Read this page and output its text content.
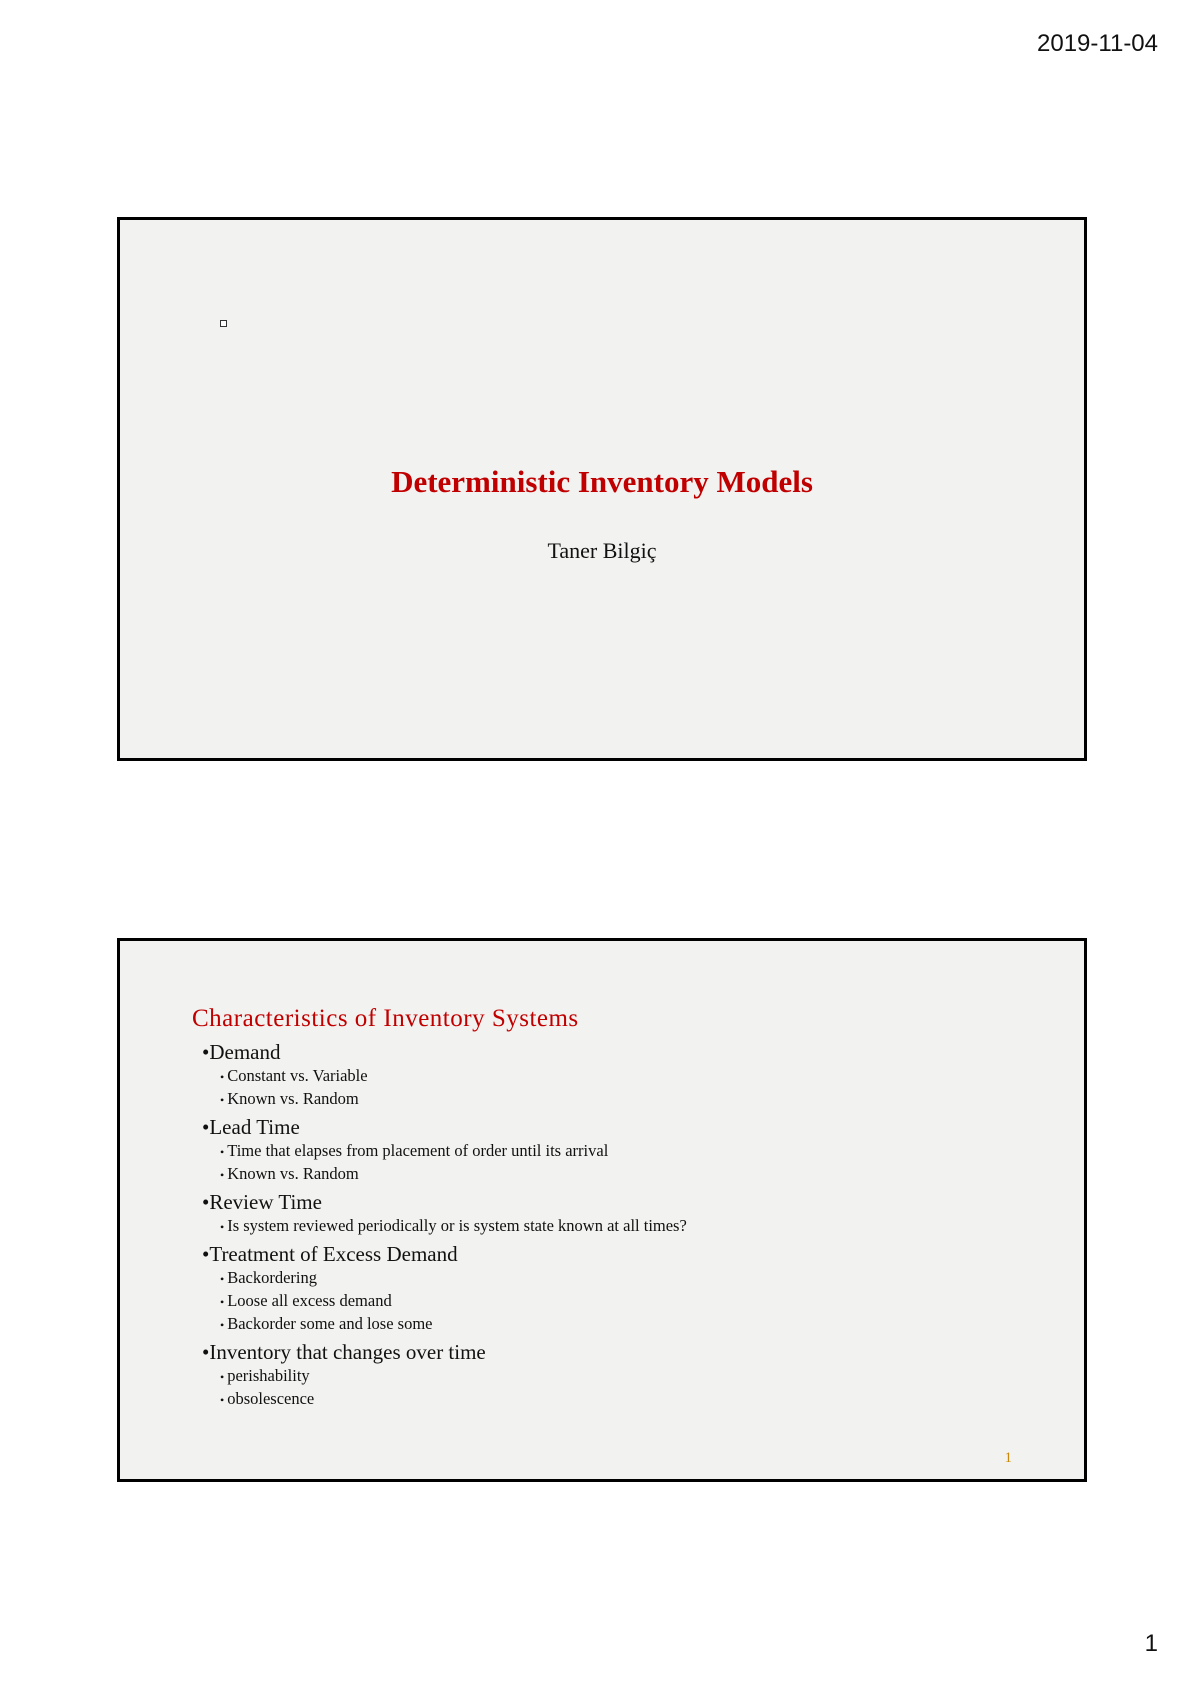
2019-11-04
Deterministic Inventory Models
Taner Bilgiç
Characteristics of Inventory Systems
•Demand
• Constant vs. Variable
• Known vs. Random
•Lead Time
• Time that elapses from placement of order until its arrival
• Known vs. Random
•Review Time
• Is system reviewed periodically or is system state known at all times?
•Treatment of Excess Demand
• Backordering
• Loose all excess demand
• Backorder some and lose some
•Inventory that changes over time
• perishability
• obsolescence
1
1
